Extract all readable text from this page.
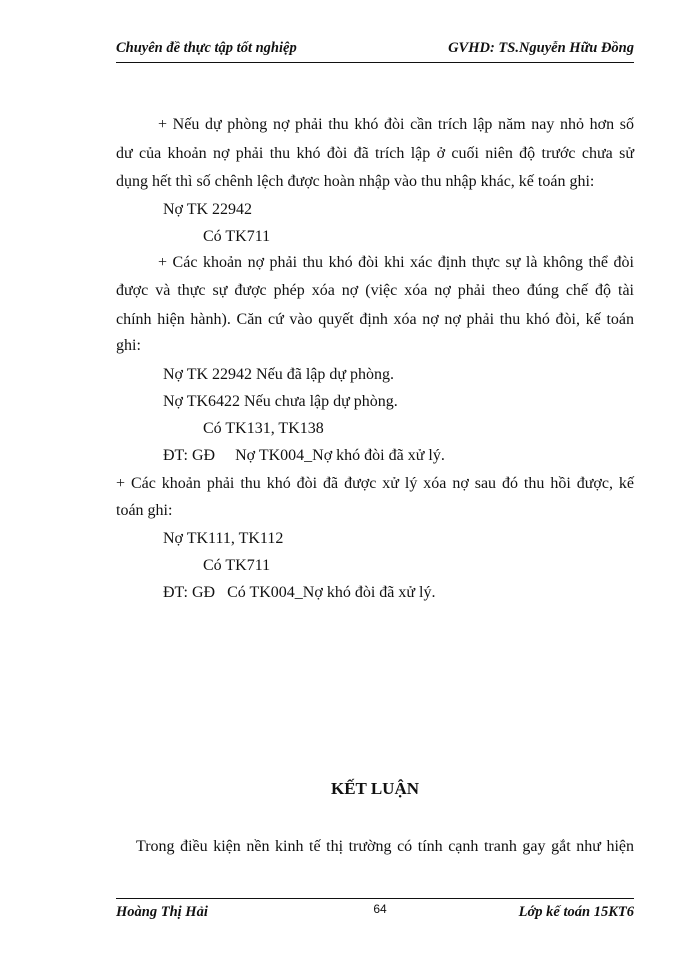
Chuyên đề thực tập tốt nghiệp	GVHD: TS.Nguyễn Hữu Đồng
+ Nếu dự phòng nợ phải thu khó đòi cần trích lập năm nay nhỏ hơn số
dư của khoản nợ phải thu khó đòi đã trích lập ở cuối niên độ trước chưa sử
dụng hết thì số chênh lệch được hoàn nhập vào thu nhập khác, kế toán ghi:
Nợ TK 22942
Có TK711
+ Các khoản nợ phải thu khó đòi khi xác định thực sự là không thể đòi
được và thực sự được phép xóa nợ (việc xóa nợ phải theo đúng chế độ tài
chính hiện hành). Căn cứ vào quyết định xóa nợ nợ phải thu khó đòi, kế toán
ghi:
Nợ TK 22942 Nếu đã lập dự phòng.
Nợ TK6422 Nếu chưa lập dự phòng.
Có TK131, TK138
ĐT: GĐ     Nợ TK004_Nợ khó đòi đã xử lý.
+ Các khoản phải thu khó đòi đã được xử lý xóa nợ sau đó thu hồi được, kế
toán ghi:
Nợ TK111, TK112
Có TK711
ĐT: GĐ   Có TK004_Nợ khó đòi đã xử lý.
KẾT LUẬN
Trong điều kiện nền kinh tế thị trường có tính cạnh tranh gay gắt như hiện
Hoàng Thị Hải	64	Lớp kế toán 15KT6
